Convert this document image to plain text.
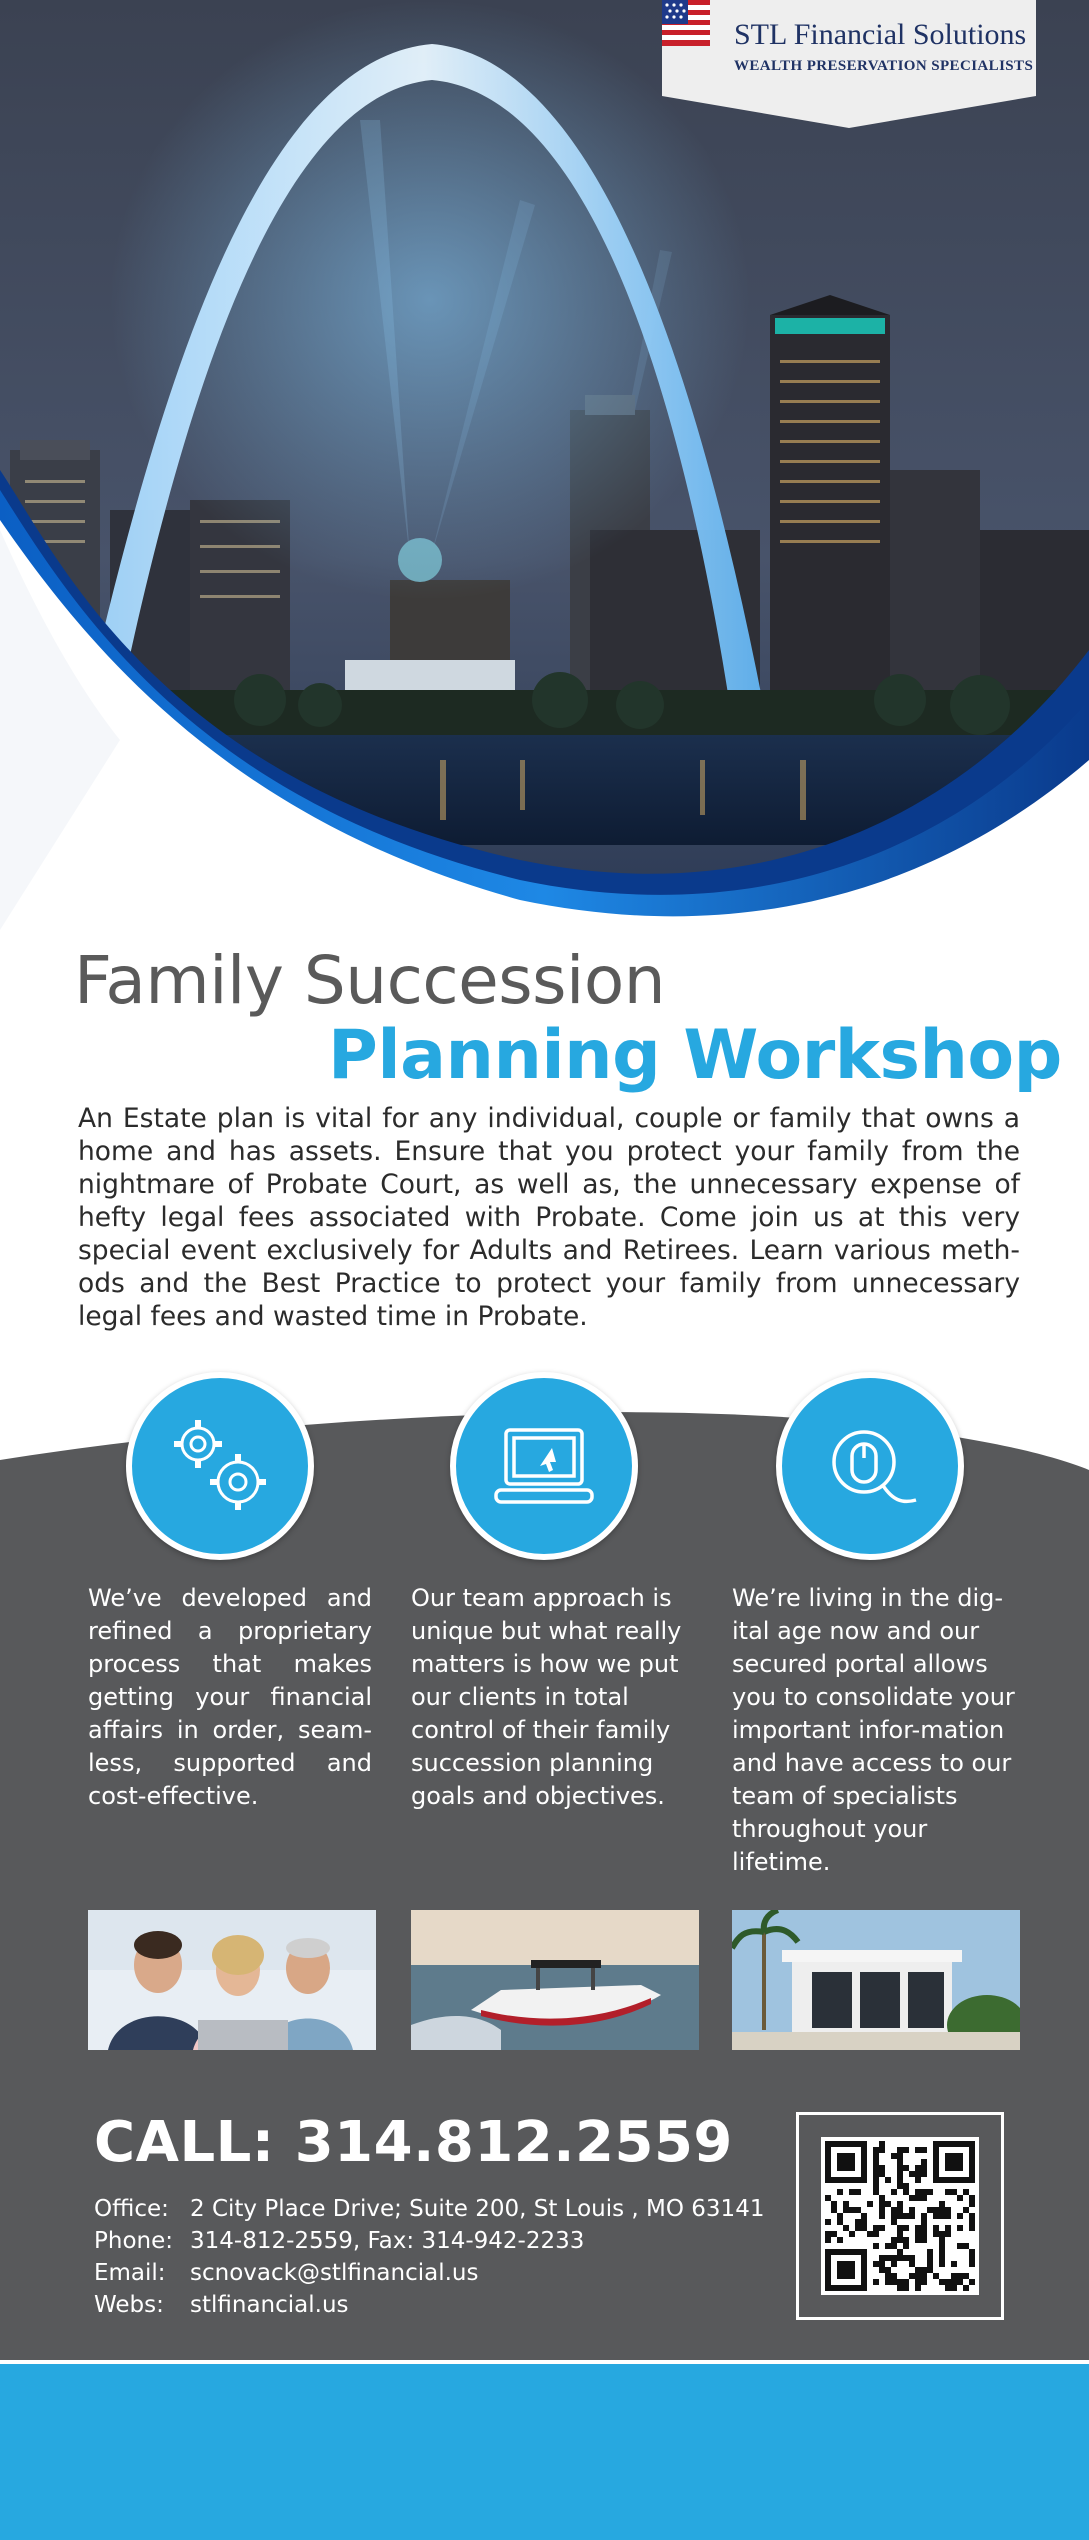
STL Financial Solutions
WEALTH PRESERVATION SPECIALISTS
Family Succession
Planning Workshop

An Estate plan is vital for any individual, couple or family that owns a home and has assets. Ensure that you protect your family from the nightmare of Probate Court, as well as, the unnecessary expense of hefty legal fees associated with Probate. Come join us at this very special event exclusively for Adults and Retirees. Learn various meth-ods and the Best Practice to protect your family from unnecessary legal fees and wasted time in Probate.

We’ve developed and refined a proprietary process that makes getting your financial affairs in order, seam-less, supported and cost-effective.

Our team approach is unique but what really matters is how we put our clients in total control of their family succession planning goals and objectives.

We’re living in the dig-ital age now and our secured portal allows you to consolidate your important infor-mation and have access to our team of specialists throughout your lifetime.

CALL: 314.812.2559
Office: 2 City Place Drive; Suite 200, St Louis , MO 63141
Phone: 314-812-2559, Fax: 314-942-2233
Email: scnovack@stlfinancial.us
Webs: stlfinancial.us
